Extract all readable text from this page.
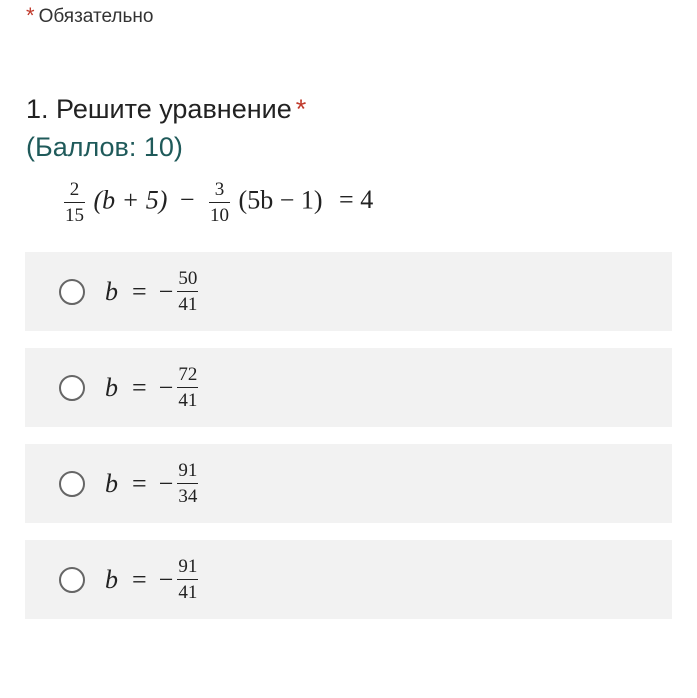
* Обязательно
1. Решите уравнение *
(Баллов: 10)
$\frac{2}{15} (b + 5) - \frac{3}{10} (5b - 1) = 4$
b = − $\frac{50}{41}$
b = − $\frac{72}{41}$
b = − $\frac{91}{34}$
b = − $\frac{91}{41}$
